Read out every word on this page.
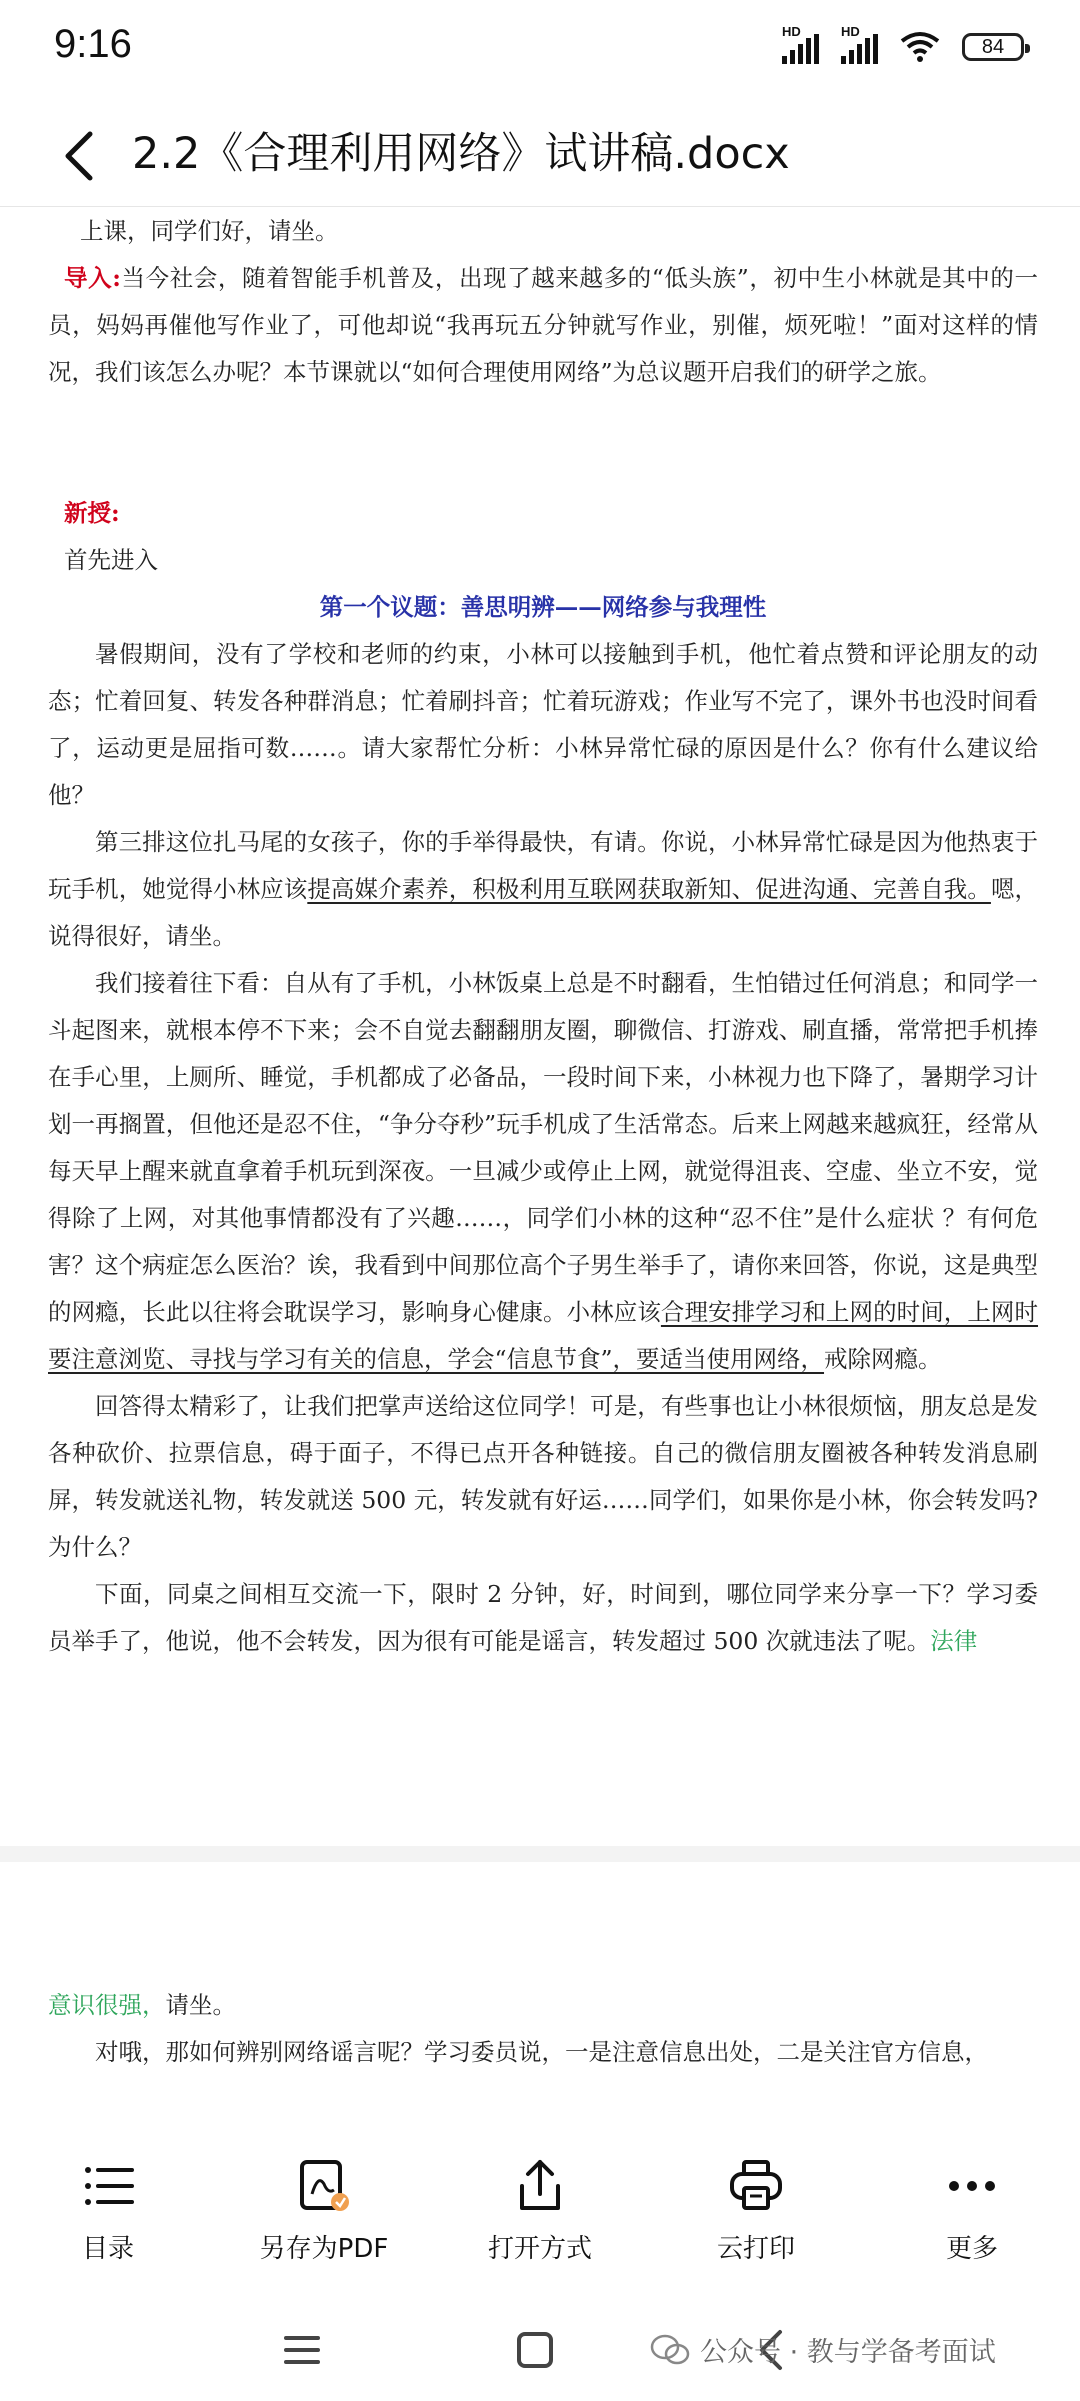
9:16	HD	HD
84
2.2《合理利用网络》试讲稿.docx

上课，同学们好，请坐。

导入:当今社会，随着智能手机普及，出现了越来越多的“低头族”，初中生小林就是其中的一员，妈妈再催他写作业了，可他却说“我再玩五分钟就写作业，别催，烦死啦！”面对这样的情况，我们该怎么办呢？本节课就以“如何合理使用网络”为总议题开启我们的研学之旅。

新授:

首先进入

第一个议题：善思明辨——网络参与我理性

暑假期间，没有了学校和老师的约束，小林可以接触到手机，他忙着点赞和评论朋友的动态；忙着回复、转发各种群消息；忙着刷抖音；忙着玩游戏；作业写不完了，课外书也没时间看了，运动更是屈指可数……。请大家帮忙分析：小林异常忙碌的原因是什么？你有什么建议给他？

第三排这位扎马尾的女孩子，你的手举得最快，有请。你说，小林异常忙碌是因为他热衷于玩手机，她觉得小林应该提高媒介素养，积极利用互联网获取新知、促进沟通、完善自我。嗯，说得很好，请坐。

我们接着往下看：自从有了手机，小林饭桌上总是不时翻看，生怕错过任何消息；和同学一斗起图来，就根本停不下来；会不自觉去翻翻朋友圈，聊微信、打游戏、刷直播，常常把手机捧在手心里，上厕所、睡觉，手机都成了必备品，一段时间下来，小林视力也下降了，暑期学习计划一再搁置，但他还是忍不住，“争分夺秒”玩手机成了生活常态。后来上网越来越疯狂，经常从每天早上醒来就直拿着手机玩到深夜。一旦减少或停止上网，就觉得沮丧、空虚、坐立不安，觉得除了上网，对其他事情都没有了兴趣……，同学们小林的这种“忍不住”是什么症状 ？有何危害？这个病症怎么医治？诶，我看到中间那位高个子男生举手了，请你来回答，你说，这是典型的网瘾，长此以往将会耽误学习，影响身心健康。小林应该合理安排学习和上网的时间，上网时要注意浏览、寻找与学习有关的信息，学会“信息节食”，要适当使用网络，戒除网瘾。

回答得太精彩了，让我们把掌声送给这位同学！可是，有些事也让小林很烦恼，朋友总是发各种砍价、拉票信息，碍于面子，不得已点开各种链接。自己的微信朋友圈被各种转发消息刷屏，转发就送礼物，转发就送 500 元，转发就有好运……同学们，如果你是小林，你会转发吗?为什么？

下面，同桌之间相互交流一下，限时 2 分钟，好，时间到，哪位同学来分享一下？学习委员举手了，他说，他不会转发，因为很有可能是谣言，转发超过 500 次就违法了呢。法律

意识很强，请坐。

对哦，那如何辨别网络谣言呢？学习委员说，一是注意信息出处，二是关注官方信息，

目录	另存为PDF	打开方式	云打印	更多
公众号 · 教与学备考面试
